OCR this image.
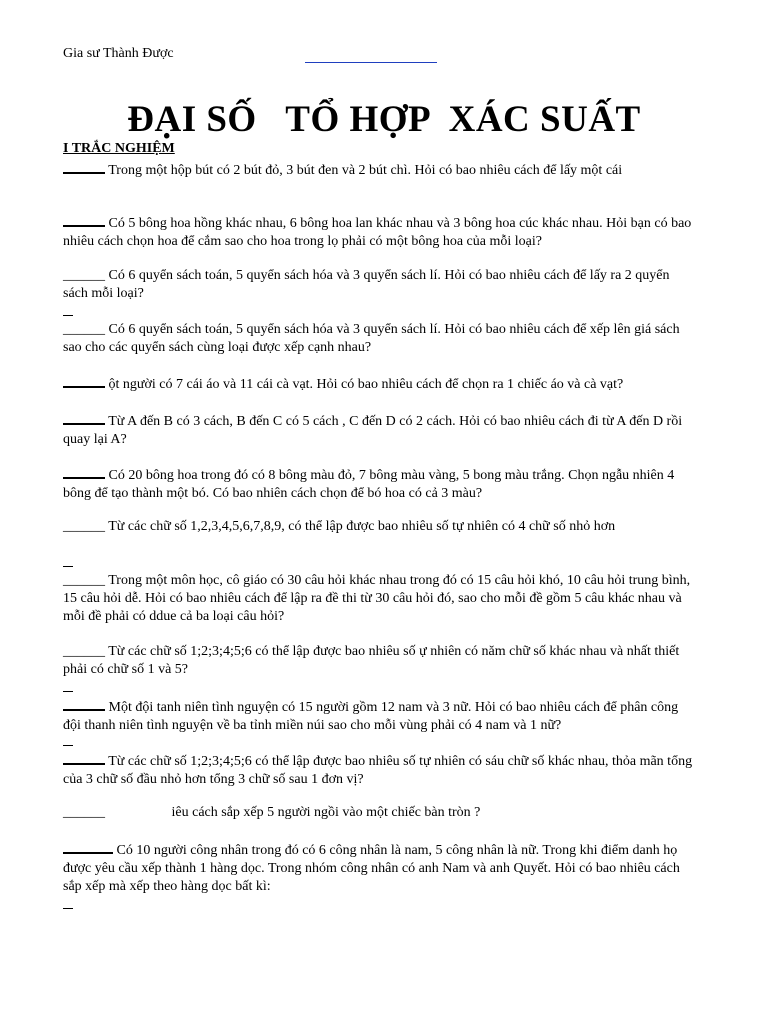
Gia sư Thành Được
ĐẠI SỐ   TỔ HỢP  XÁC SUẤT
I TRẮC NGHIỆM
Trong một hộp bút có 2 bút đỏ, 3 bút đen và 2 bút chì. Hỏi có bao nhiêu cách để lấy một cái
Có 5 bông hoa hồng khác nhau, 6 bông hoa lan khác nhau và 3 bông hoa cúc khác nhau. Hỏi bạn có bao nhiêu cách chọn hoa để cắm sao cho hoa trong lọ phải có một bông hoa của mỗi loại?
______ Có 6 quyển sách toán, 5 quyển sách hóa và 3 quyển sách lí. Hỏi có bao nhiêu cách để lấy ra 2 quyển sách mỗi loại?
______ Có 6 quyển sách toán, 5 quyển sách hóa và 3 quyển sách lí. Hỏi có bao nhiêu cách để xếp lên giá sách sao cho các quyển sách cùng loại được xếp cạnh nhau?
ột người có 7 cái áo và 11 cái cà vạt. Hỏi có bao nhiêu cách để chọn ra 1 chiếc áo và cà vạt?
Từ A đến B có 3 cách, B đến C có 5 cách , C đến D có 2 cách. Hỏi có bao nhiêu cách đi từ A đến D rồi quay lại A?
Có 20 bông hoa trong đó có 8 bông màu đỏ, 7 bông màu vàng, 5 bong màu trắng. Chọn ngẫu nhiên 4 bông để tạo thành một bó. Có bao nhiên cách chọn để bó hoa có cả 3 màu?
______ Từ các chữ số 1,2,3,4,5,6,7,8,9, có thể lập được bao nhiêu số tự nhiên có 4 chữ số nhỏ hơn
______ Trong một môn học, cô giáo có 30 câu hỏi khác nhau trong đó có 15 câu hỏi khó, 10 câu hỏi trung bình, 15 câu hỏi dễ. Hỏi có bao nhiêu cách để lập ra đề thi từ 30 câu hỏi đó, sao cho mỗi đề gồm 5 câu khác nhau và mỗi đề phải có ddue cả ba loại câu hỏi?
______ Từ các chữ số 1;2;3;4;5;6 có thể lập được bao nhiêu số ự nhiên có năm chữ số khác nhau và nhất thiết phải có chữ số 1 và 5?
Một đội tanh niên tình nguyện có 15 người gồm 12 nam và 3 nữ. Hỏi có bao nhiêu cách để phân công đội thanh niên tình nguyện về ba tỉnh miền núi sao cho mỗi vùng phải có 4 nam và 1 nữ?
Từ các chữ số 1;2;3;4;5;6 có thể lập được bao nhiêu số tự nhiên có sáu chữ số khác nhau, thỏa mãn tổng của 3 chữ số đầu nhỏ hơn tổng 3 chữ số sau 1 đơn vị?
______                   iêu cách sắp xếp 5 người ngồi vào một chiếc bàn tròn ?
Có 10 người công nhân trong đó có 6 công nhân là nam, 5 công nhân là nữ. Trong khi điểm danh họ được yêu cầu xếp thành 1 hàng dọc. Trong nhóm công nhân có anh Nam và anh Quyết. Hỏi có bao nhiêu cách sắp xếp mà xếp theo hàng dọc bất kì:
